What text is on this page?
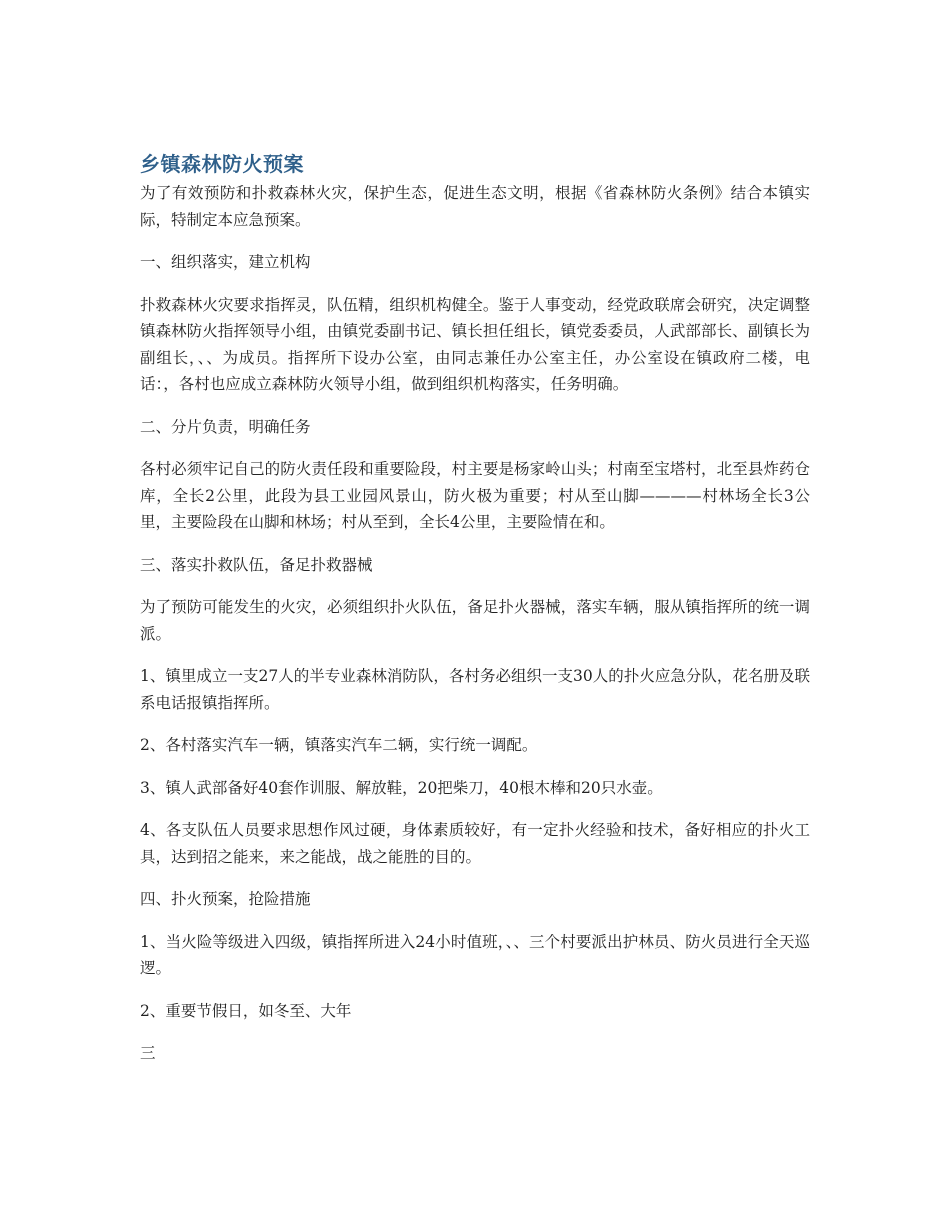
乡镇森林防火预案

为了有效预防和扑救森林火灾，保护生态，促进生态文明，根据《省森林防火条例》结合本镇实际，特制定本应急预案。

一、组织落实，建立机构

扑救森林火灾要求指挥灵，队伍精，组织机构健全。鉴于人事变动，经党政联席会研究，决定调整镇森林防火指挥领导小组，由镇党委副书记、镇长担任组长，镇党委委员，人武部部长、副镇长为副组长，、、为成员。指挥所下设办公室，由同志兼任办公室主任，办公室设在镇政府二楼，电话：，各村也应成立森林防火领导小组，做到组织机构落实，任务明确。

二、分片负责，明确任务

各村必须牢记自己的防火责任段和重要险段，村主要是杨家岭山头；村南至宝塔村，北至县炸药仓库，全长2公里，此段为县工业园风景山，防火极为重要；村从至山脚————村林场全长3公里，主要险段在山脚和林场；村从至到，全长4公里，主要险情在和。

三、落实扑救队伍，备足扑救器械

为了预防可能发生的火灾，必须组织扑火队伍，备足扑火器械，落实车辆，服从镇指挥所的统一调派。

1、镇里成立一支27人的半专业森林消防队，各村务必组织一支30人的扑火应急分队，花名册及联系电话报镇指挥所。

2、各村落实汽车一辆，镇落实汽车二辆，实行统一调配。

3、镇人武部备好40套作训服、解放鞋，20把柴刀，40根木棒和20只水壶。

4、各支队伍人员要求思想作风过硬，身体素质较好，有一定扑火经验和技术，备好相应的扑火工具，达到招之能来，来之能战，战之能胜的目的。

四、扑火预案，抢险措施

1、当火险等级进入四级，镇指挥所进入24小时值班，、、三个村要派出护林员、防火员进行全天巡逻。

2、重要节假日，如冬至、大年

三
